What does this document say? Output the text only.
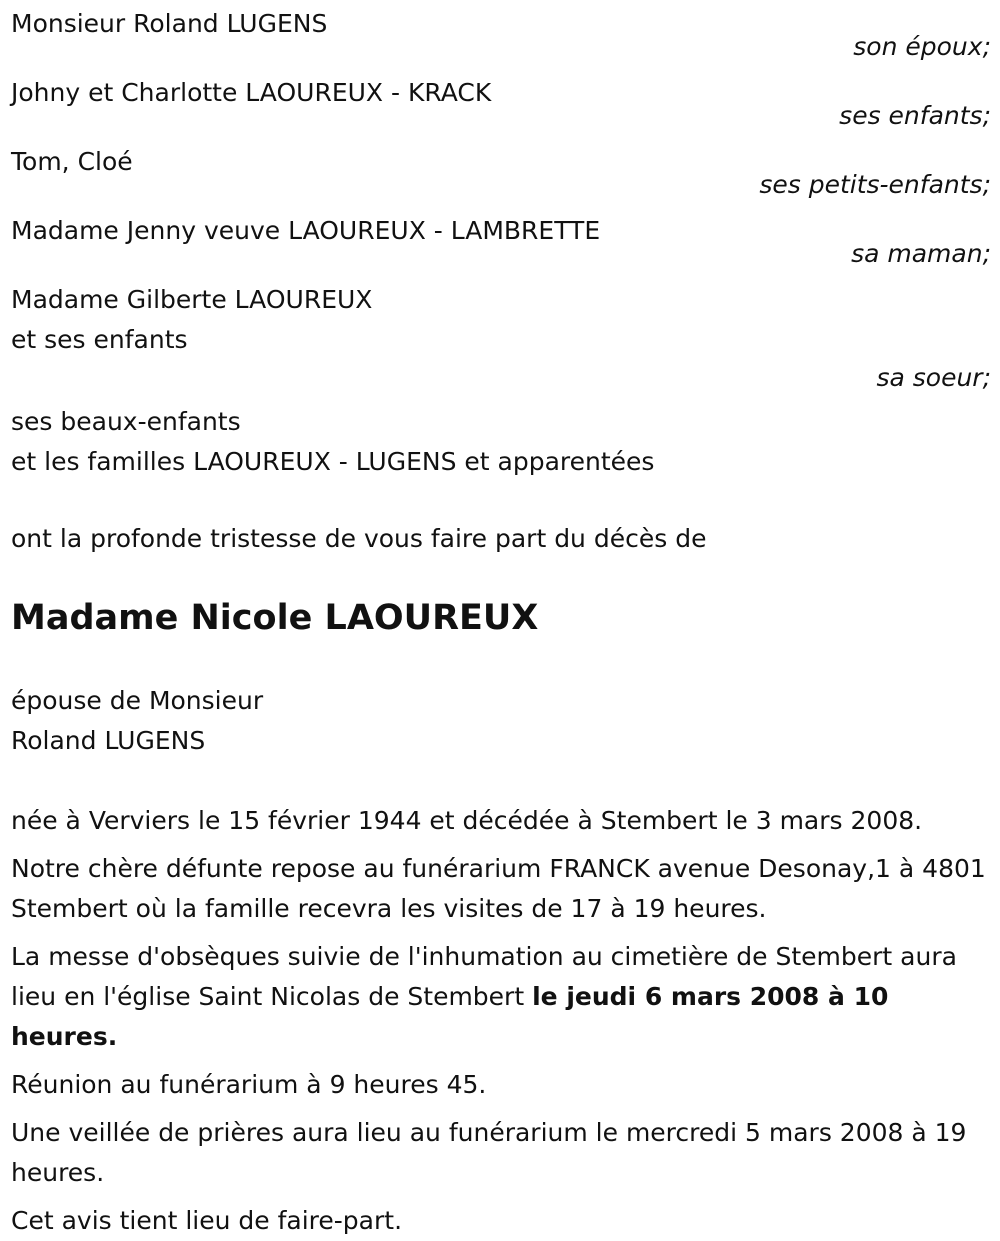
Monsieur Roland LUGENS

son époux;

Johny et Charlotte LAOUREUX - KRACK

ses enfants;

Tom, Cloé

ses petits-enfants;

Madame Jenny veuve LAOUREUX - LAMBRETTE

sa maman;

Madame Gilberte LAOUREUX

et ses enfants

sa soeur;

ses beaux-enfants

et les familles LAOUREUX - LUGENS et apparentées

ont la profonde tristesse de vous faire part du décès de

Madame Nicole LAOUREUX

épouse de Monsieur

Roland LUGENS

née à Verviers le 15 février 1944 et décédée à Stembert le 3 mars 2008.

Notre chère défunte repose au funérarium FRANCK avenue Desonay,1 à 4801 Stembert où la famille recevra les visites de 17 à 19 heures.

La messe d'obsèques suivie de l'inhumation au cimetière de Stembert aura lieu en l'église Saint Nicolas de Stembert le jeudi 6 mars 2008 à 10 heures.

Réunion au funérarium à 9 heures 45.

Une veillée de prières aura lieu au funérarium le mercredi 5 mars 2008 à 19 heures.

Cet avis tient lieu de faire-part.
